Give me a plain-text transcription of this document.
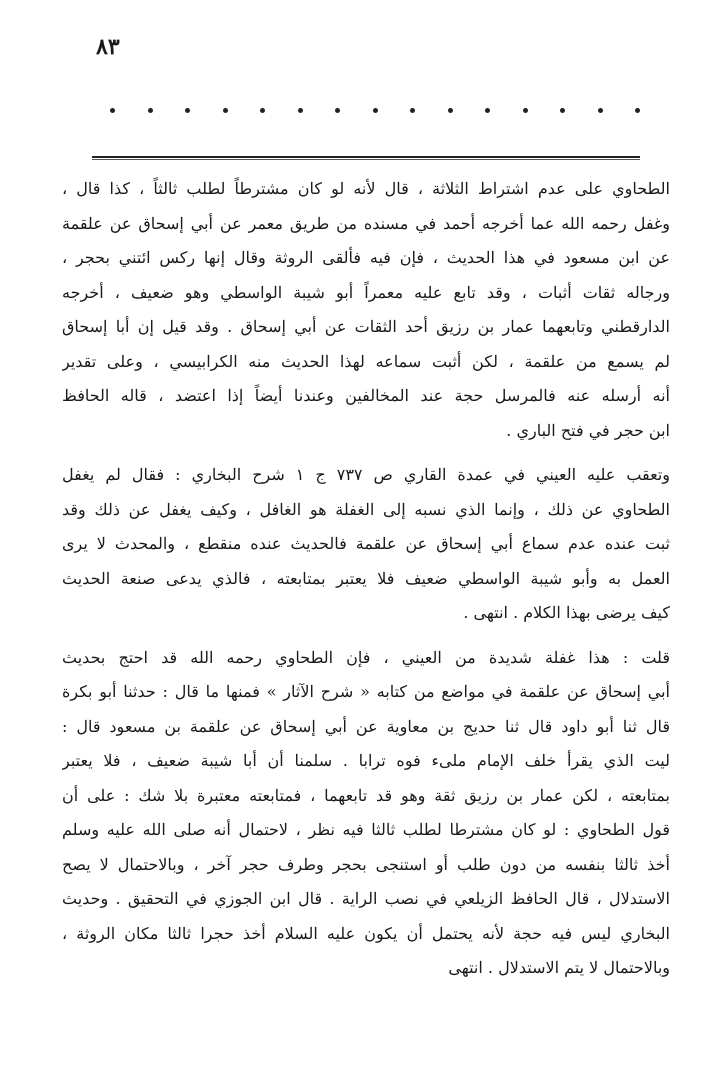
٨٣

الطحاوي على عدم اشتراط الثلاثة ، قال لأنه لو كان مشترطاً لطلب ثالثاً ، كذا قال ،
وغفل رحمه الله عما أخرجه أحمد في مسنده من طريق معمر عن أبي إسحاق عن علقمة
عن ابن مسعود في هذا الحديث ، فإن فيه فألقى الروثة وقال إنها ركس ائتني بحجر ،
ورجاله ثقات أثبات ، وقد تابع عليه معمراً أبو شيبة الواسطي وهو ضعيف ، أخرجه
الدارقطني وتابعهما عمار بن رزيق أحد الثقات عن أبي إسحاق . وقد قيل إن أبا إسحاق
لم يسمع من علقمة ، لكن أثبت سماعه لهذا الحديث منه الكرابيسي ، وعلى تقدير
أنه أرسله عنه فالمرسل حجة عند المخالفين وعندنا أيضاً إذا اعتضد ، قاله الحافظ
ابن حجر في فتح الباري .

وتعقب عليه العيني في عمدة القاري ص ٧٣٧ ج ١ شرح البخاري : فقال لم يغفل
الطحاوي عن ذلك ، وإنما الذي نسبه إلى الغفلة هو الغافل ، وكيف يغفل عن ذلك وقد
ثبت عنده عدم سماع أبي إسحاق عن علقمة فالحديث عنده منقطع ، والمحدث لا يرى
العمل به وأبو شيبة الواسطي ضعيف فلا يعتبر بمتابعته ، فالذي يدعى صنعة الحديث
كيف يرضى بهذا الكلام . انتهى .

قلت : هذا غفلة شديدة من العيني ، فإن الطحاوي رحمه الله قد احتج بحديث
أبي إسحاق عن علقمة في مواضع من كتابه « شرح الآثار » فمنها ما قال : حدثنا أبو بكرة
قال ثنا أبو داود قال ثنا حديج بن معاوية عن أبي إسحاق عن علقمة بن مسعود قال :
ليت الذي يقرأ خلف الإمام ملىء فوه ترابا . سلمنا أن أبا شيبة ضعيف ، فلا يعتبر
بمتابعته ، لكن عمار بن رزيق ثقة وهو قد تابعهما ، فمتابعته معتبرة بلا شك : على أن
قول الطحاوي : لو كان مشترطا لطلب ثالثا فيه نظر ، لاحتمال أنه صلى الله عليه وسلم
أخذ ثالثا بنفسه من دون طلب أو استنجى بحجر وطرف حجر آخر ، وبالاحتمال لا يصح
الاستدلال ، قال الحافظ الزيلعي في نصب الراية . قال ابن الجوزي في التحقيق . وحديث
البخاري ليس فيه حجة لأنه يحتمل أن يكون عليه السلام أخذ حجرا ثالثا مكان الروثة ،
وبالاحتمال لا يتم الاستدلال . انتهى
